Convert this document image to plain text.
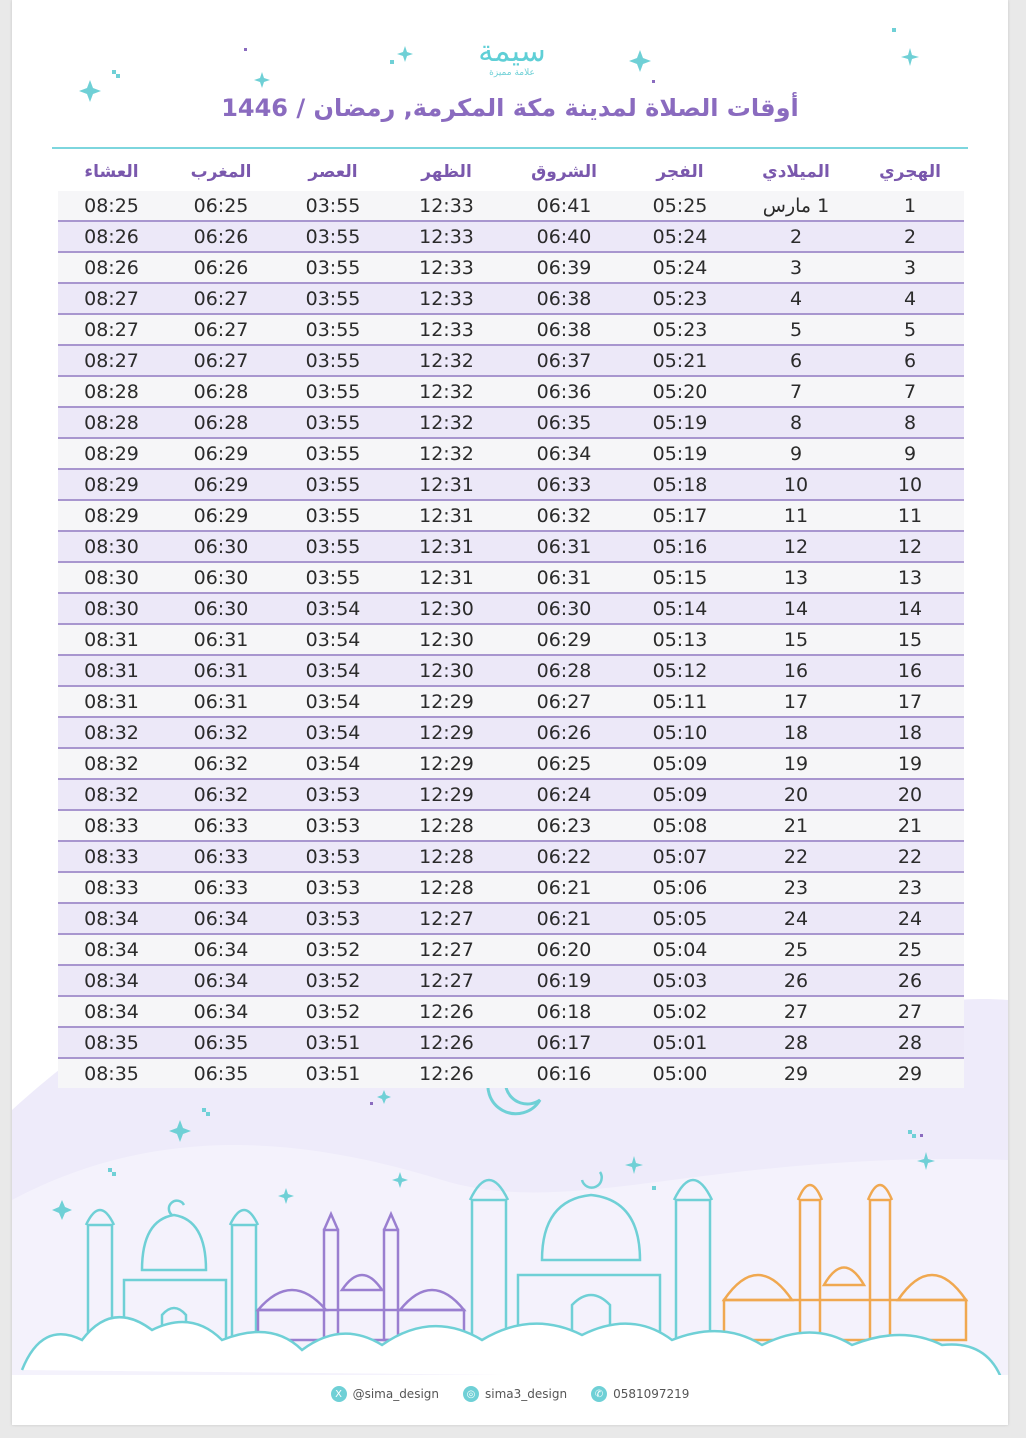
سيمة
علامة مميزة
أوقات الصلاة لمدينة مكة المكرمة, رمضان / 1446
الهجري
الميلادي
الفجر
الشروق
الظهر
العصر
المغرب
العشاء
1
1 مارس
05:25
06:41
12:33
03:55
06:25
08:25
2
2
05:24
06:40
12:33
03:55
06:26
08:26
3
3
05:24
06:39
12:33
03:55
06:26
08:26
4
4
05:23
06:38
12:33
03:55
06:27
08:27
5
5
05:23
06:38
12:33
03:55
06:27
08:27
6
6
05:21
06:37
12:32
03:55
06:27
08:27
7
7
05:20
06:36
12:32
03:55
06:28
08:28
8
8
05:19
06:35
12:32
03:55
06:28
08:28
9
9
05:19
06:34
12:32
03:55
06:29
08:29
10
10
05:18
06:33
12:31
03:55
06:29
08:29
11
11
05:17
06:32
12:31
03:55
06:29
08:29
12
12
05:16
06:31
12:31
03:55
06:30
08:30
13
13
05:15
06:31
12:31
03:55
06:30
08:30
14
14
05:14
06:30
12:30
03:54
06:30
08:30
15
15
05:13
06:29
12:30
03:54
06:31
08:31
16
16
05:12
06:28
12:30
03:54
06:31
08:31
17
17
05:11
06:27
12:29
03:54
06:31
08:31
18
18
05:10
06:26
12:29
03:54
06:32
08:32
19
19
05:09
06:25
12:29
03:54
06:32
08:32
20
20
05:09
06:24
12:29
03:53
06:32
08:32
21
21
05:08
06:23
12:28
03:53
06:33
08:33
22
22
05:07
06:22
12:28
03:53
06:33
08:33
23
23
05:06
06:21
12:28
03:53
06:33
08:33
24
24
05:05
06:21
12:27
03:53
06:34
08:34
25
25
05:04
06:20
12:27
03:52
06:34
08:34
26
26
05:03
06:19
12:27
03:52
06:34
08:34
27
27
05:02
06:18
12:26
03:52
06:34
08:34
28
28
05:01
06:17
12:26
03:51
06:35
08:35
29
29
05:00
06:16
12:26
03:51
06:35
08:35
X @sima_design	◎ sima3_design	✆ 0581097219
